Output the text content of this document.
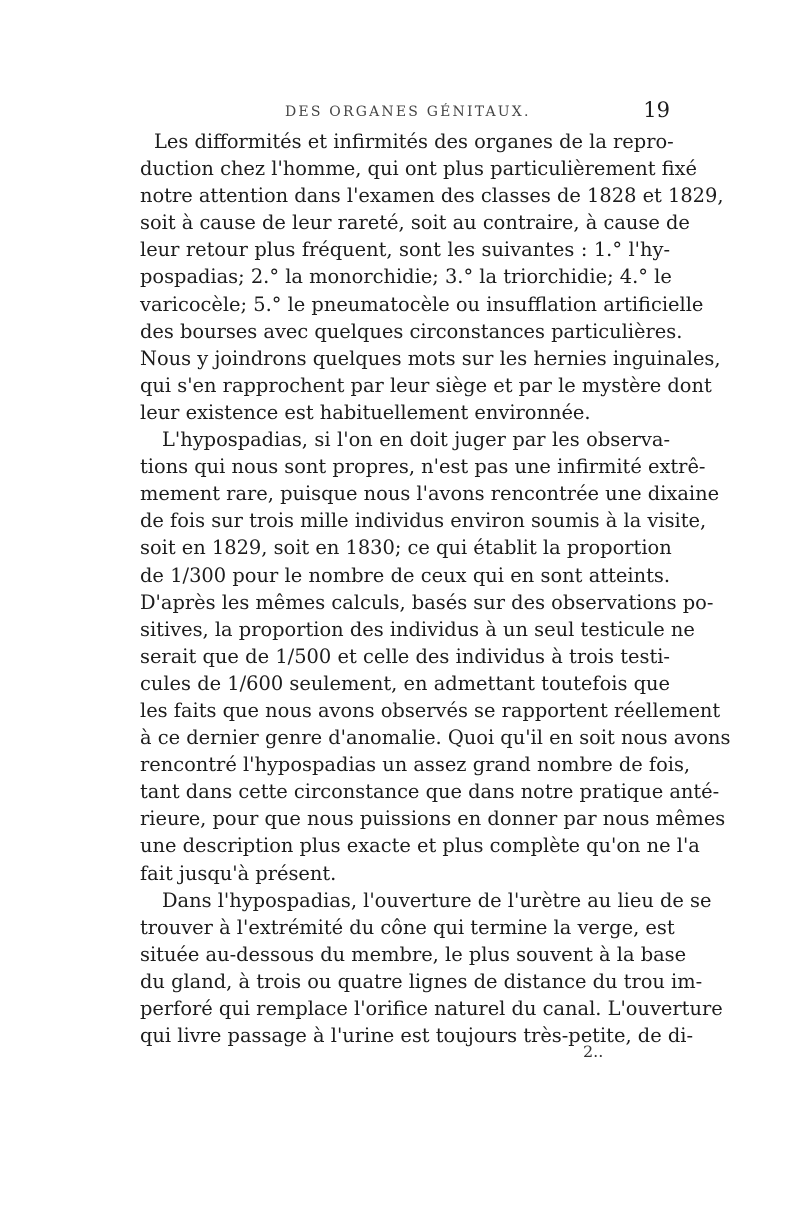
DES ORGANES GÉNITAUX.	19
Les difformités et infirmités des organes de la repro-
duction chez l'homme, qui ont plus particulièrement fixé
notre attention dans l'examen des classes de 1828 et 1829,
soit à cause de leur rareté, soit au contraire, à cause de
leur retour plus fréquent, sont les suivantes : 1.° l'hy-
pospadias; 2.° la monorchidie; 3.° la triorchidie; 4.° le
varicocèle; 5.° le pneumatocèle ou insufflation artificielle
des bourses avec quelques circonstances particulières.
Nous y joindrons quelques mots sur les hernies inguinales,
qui s'en rapprochent par leur siège et par le mystère dont
leur existence est habituellement environnée.
L'hypospadias, si l'on en doit juger par les observa-
tions qui nous sont propres, n'est pas une infirmité extrê-
mement rare, puisque nous l'avons rencontrée une dixaine
de fois sur trois mille individus environ soumis à la visite,
soit en 1829, soit en 1830; ce qui établit la proportion
de 1/300 pour le nombre de ceux qui en sont atteints.
D'après les mêmes calculs, basés sur des observations po-
sitives, la proportion des individus à un seul testicule ne
serait que de 1/500 et celle des individus à trois testi-
cules de 1/600 seulement, en admettant toutefois que
les faits que nous avons observés se rapportent réellement
à ce dernier genre d'anomalie. Quoi qu'il en soit nous avons
rencontré l'hypospadias un assez grand nombre de fois,
tant dans cette circonstance que dans notre pratique anté-
rieure, pour que nous puissions en donner par nous mêmes
une description plus exacte et plus complète qu'on ne l'a
fait jusqu'à présent.
Dans l'hypospadias, l'ouverture de l'urètre au lieu de se
trouver à l'extrémité du cône qui termine la verge, est
située au-dessous du membre, le plus souvent à la base
du gland, à trois ou quatre lignes de distance du trou im-
perforé qui remplace l'orifice naturel du canal. L'ouverture
qui livre passage à l'urine est toujours très-petite, de di-
2..
